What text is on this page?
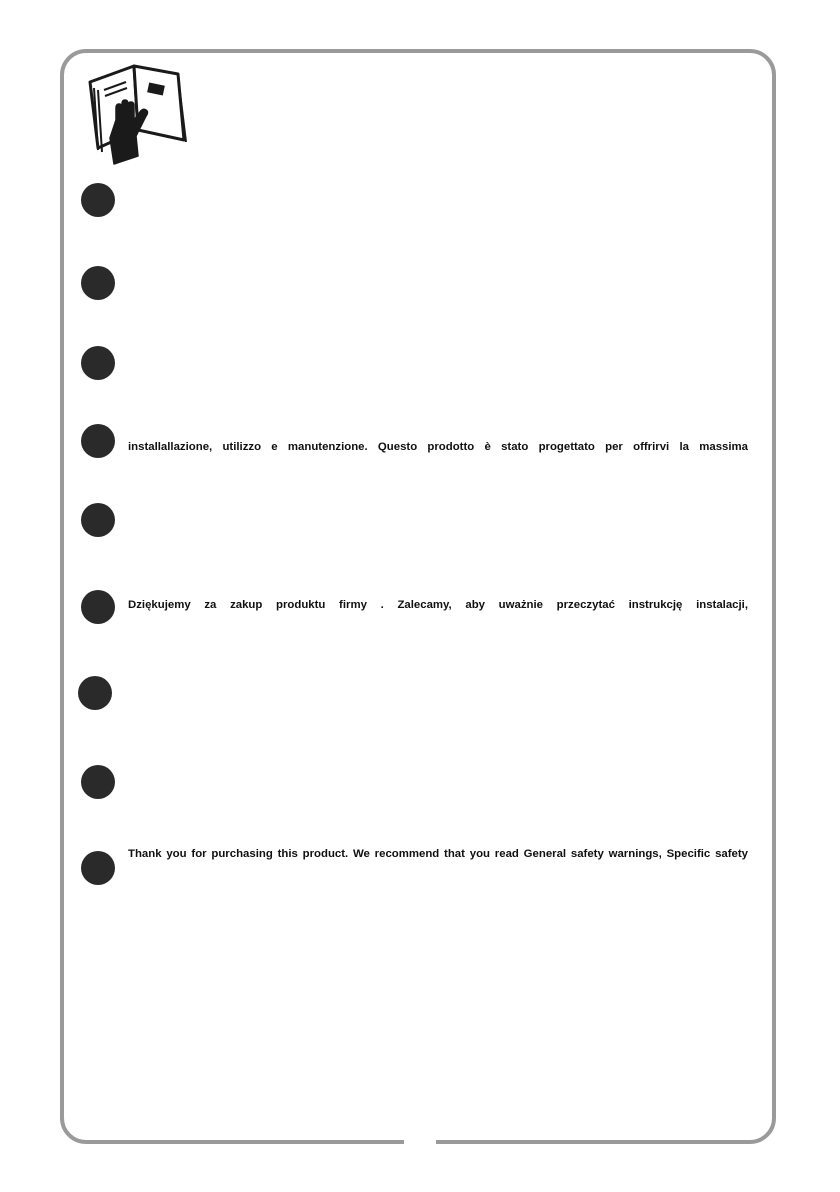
installallazione, utilizzo e manutenzione. Questo prodotto è stato progettato per offrirvi la massima
Dziękujemy za zakup produktu firmy . Zalecamy, aby uważnie przeczytać instrukcję instalacji,
Thank you for purchasing this product. We recommend that you read General safety warnings, Specific safety
